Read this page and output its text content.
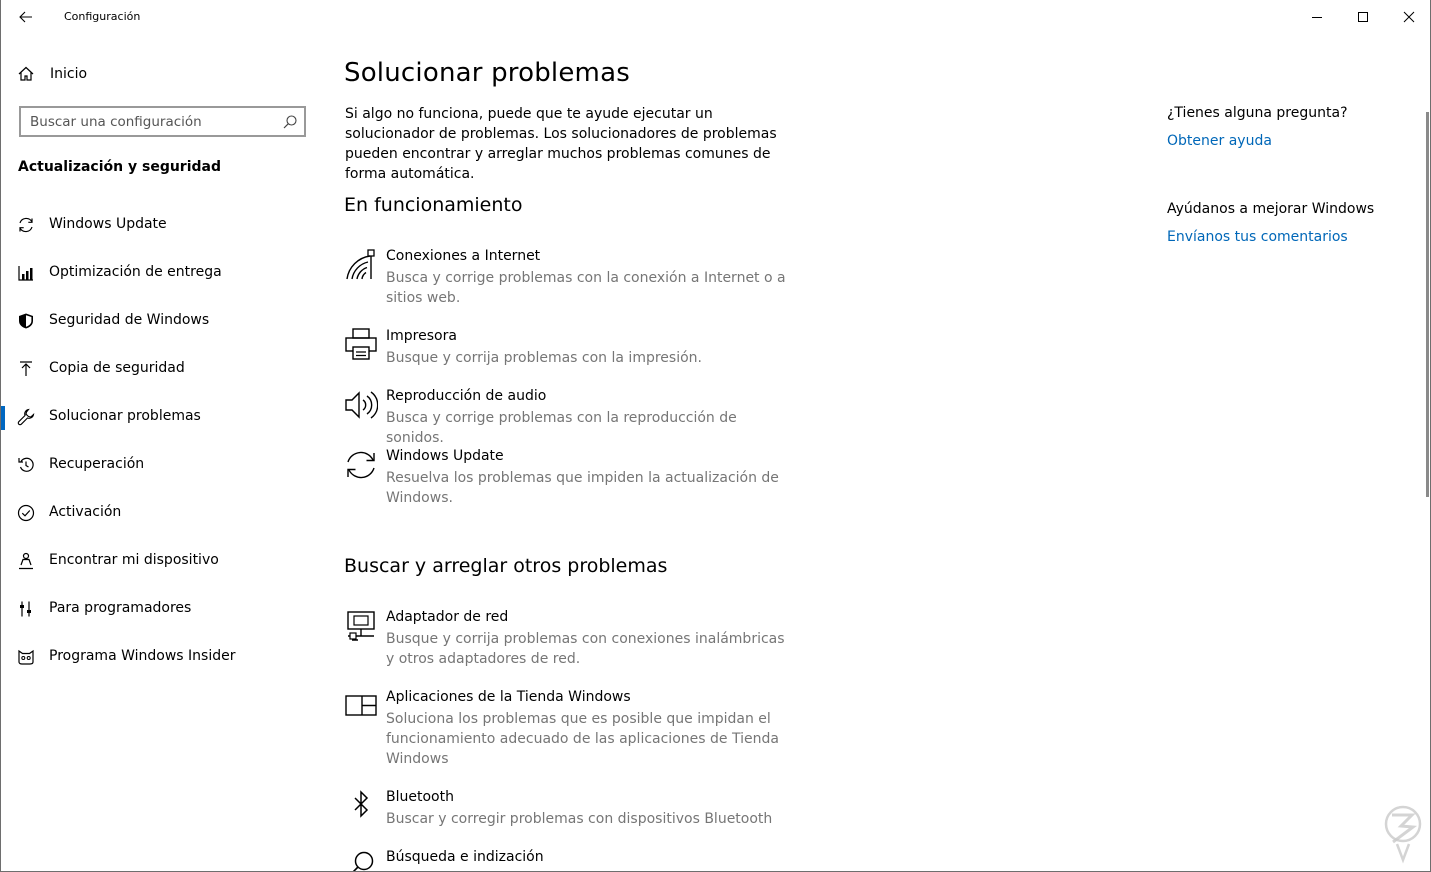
Configuración
Inicio
Buscar una configuración
Actualización y seguridad
Windows Update
Optimización de entrega
Seguridad de Windows
Copia de seguridad
Solucionar problemas
Recuperación
Activación
Encontrar mi dispositivo
Para programadores
Programa Windows Insider
Solucionar problemas

Si algo no funciona, puede que te ayude ejecutar un solucionador de problemas. Los solucionadores de problemas pueden encontrar y arreglar muchos problemas comunes de forma automática.

En funcionamiento
Conexiones a Internet
Busca y corrige problemas con la conexión a Internet o a sitios web.
Impresora
Busque y corrija problemas con la impresión.
Reproducción de audio
Busca y corrige problemas con la reproducción de sonidos.
Windows Update
Resuelva los problemas que impiden la actualización de Windows.
Buscar y arreglar otros problemas
Adaptador de red
Busque y corrija problemas con conexiones inalámbricas y otros adaptadores de red.
Aplicaciones de la Tienda Windows
Soluciona los problemas que es posible que impidan el funcionamiento adecuado de las aplicaciones de Tienda Windows
Bluetooth
Buscar y corregir problemas con dispositivos Bluetooth
Búsqueda e indización
¿Tienes alguna pregunta?
Obtener ayuda
Ayúdanos a mejorar Windows
Envíanos tus comentarios
